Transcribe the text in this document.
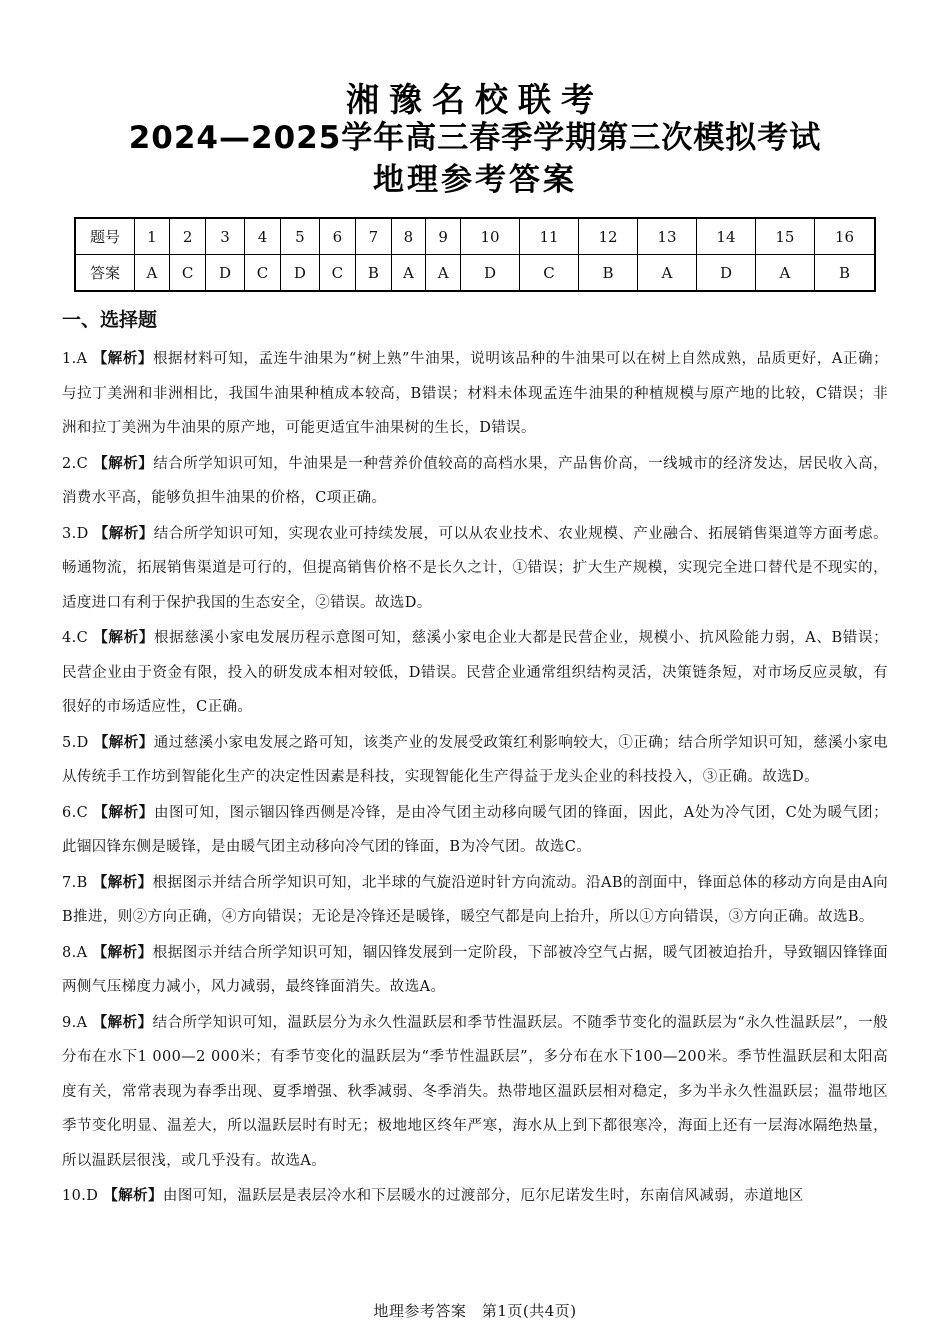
湘豫名校联考
2024—2025学年高三春季学期第三次模拟考试
地理参考答案
题号	1	2	3	4	5	6	7	8	9	10	11	12	13	14	15	16
答案	A	C	D	C	D	C	B	A	A	D	C	B	A	D	A	B
一、选择题
1.A 【解析】根据材料可知，孟连牛油果为“树上熟”牛油果，说明该品种的牛油果可以在树上自然成熟，品质更好，A正确；与拉丁美洲和非洲相比，我国牛油果种植成本较高，B错误；材料未体现孟连牛油果的种植规模与原产地的比较，C错误；非洲和拉丁美洲为牛油果的原产地，可能更适宜牛油果树的生长，D错误。
2.C 【解析】结合所学知识可知，牛油果是一种营养价值较高的高档水果，产品售价高，一线城市的经济发达，居民收入高，消费水平高，能够负担牛油果的价格，C项正确。
3.D 【解析】结合所学知识可知，实现农业可持续发展，可以从农业技术、农业规模、产业融合、拓展销售渠道等方面考虑。畅通物流，拓展销售渠道是可行的，但提高销售价格不是长久之计，①错误；扩大生产规模，实现完全进口替代是不现实的，适度进口有利于保护我国的生态安全，②错误。故选D。
4.C 【解析】根据慈溪小家电发展历程示意图可知，慈溪小家电企业大都是民营企业，规模小、抗风险能力弱，A、B错误；民营企业由于资金有限，投入的研发成本相对较低，D错误。民营企业通常组织结构灵活，决策链条短，对市场反应灵敏，有很好的市场适应性，C正确。
5.D 【解析】通过慈溪小家电发展之路可知，该类产业的发展受政策红利影响较大，①正确；结合所学知识可知，慈溪小家电从传统手工作坊到智能化生产的决定性因素是科技，实现智能化生产得益于龙头企业的科技投入，③正确。故选D。
6.C 【解析】由图可知，图示锢囚锋西侧是冷锋，是由冷气团主动移向暖气团的锋面，因此，A处为冷气团，C处为暖气团；此锢囚锋东侧是暖锋，是由暖气团主动移向冷气团的锋面，B为冷气团。故选C。
7.B 【解析】根据图示并结合所学知识可知，北半球的气旋沿逆时针方向流动。沿AB的剖面中，锋面总体的移动方向是由A向B推进，则②方向正确，④方向错误；无论是冷锋还是暖锋，暖空气都是向上抬升，所以①方向错误，③方向正确。故选B。
8.A 【解析】根据图示并结合所学知识可知，锢囚锋发展到一定阶段，下部被冷空气占据，暖气团被迫抬升，导致锢囚锋锋面两侧气压梯度力减小，风力减弱，最终锋面消失。故选A。
9.A 【解析】结合所学知识可知，温跃层分为永久性温跃层和季节性温跃层。不随季节变化的温跃层为“永久性温跃层”，一般分布在水下1 000—2 000米；有季节变化的温跃层为“季节性温跃层”，多分布在水下100—200米。季节性温跃层和太阳高度有关，常常表现为春季出现、夏季增强、秋季减弱、冬季消失。热带地区温跃层相对稳定，多为半永久性温跃层；温带地区季节变化明显、温差大，所以温跃层时有时无；极地地区终年严寒，海水从上到下都很寒冷，海面上还有一层海冰隔绝热量，所以温跃层很浅，或几乎没有。故选A。
10.D 【解析】由图可知，温跃层是表层冷水和下层暖水的过渡部分，厄尔尼诺发生时，东南信风减弱，赤道地区
地理参考答案　第1页(共4页)
